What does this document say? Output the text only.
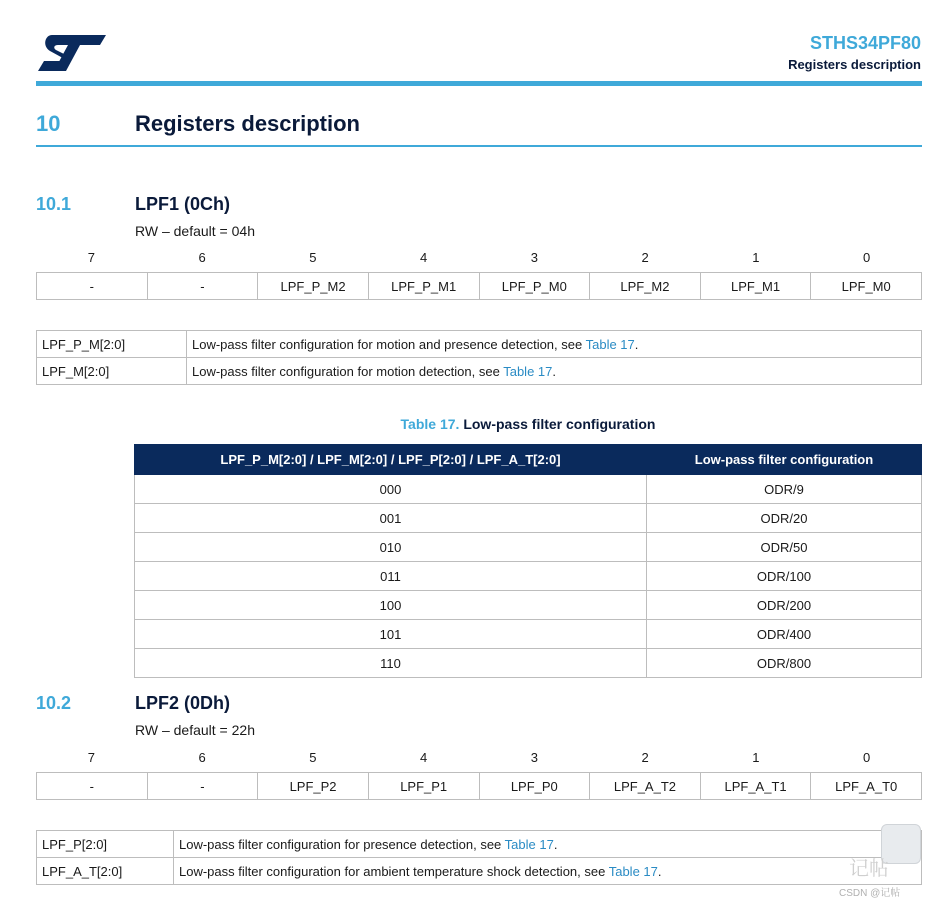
STHS34PF80
Registers description
10	Registers description
10.1	LPF1 (0Ch)
RW – default = 04h
7	6	5	4	3	2	1	0
-	-	LPF_P_M2	LPF_P_M1	LPF_P_M0	LPF_M2	LPF_M1	LPF_M0
LPF_P_M[2:0]	Low-pass filter configuration for motion and presence detection, see Table 17.
LPF_M[2:0]	Low-pass filter configuration for motion detection, see Table 17.
Table 17. Low-pass filter configuration
LPF_P_M[2:0] / LPF_M[2:0] / LPF_P[2:0] / LPF_A_T[2:0]	Low-pass filter configuration
000	ODR/9
001	ODR/20
010	ODR/50
011	ODR/100
100	ODR/200
101	ODR/400
110	ODR/800
10.2	LPF2 (0Dh)
RW – default = 22h
7	6	5	4	3	2	1	0
-	-	LPF_P2	LPF_P1	LPF_P0	LPF_A_T2	LPF_A_T1	LPF_A_T0
LPF_P[2:0]	Low-pass filter configuration for presence detection, see Table 17.
LPF_A_T[2:0]	Low-pass filter configuration for ambient temperature shock detection, see Table 17.	记帖
CSDN @记帖
